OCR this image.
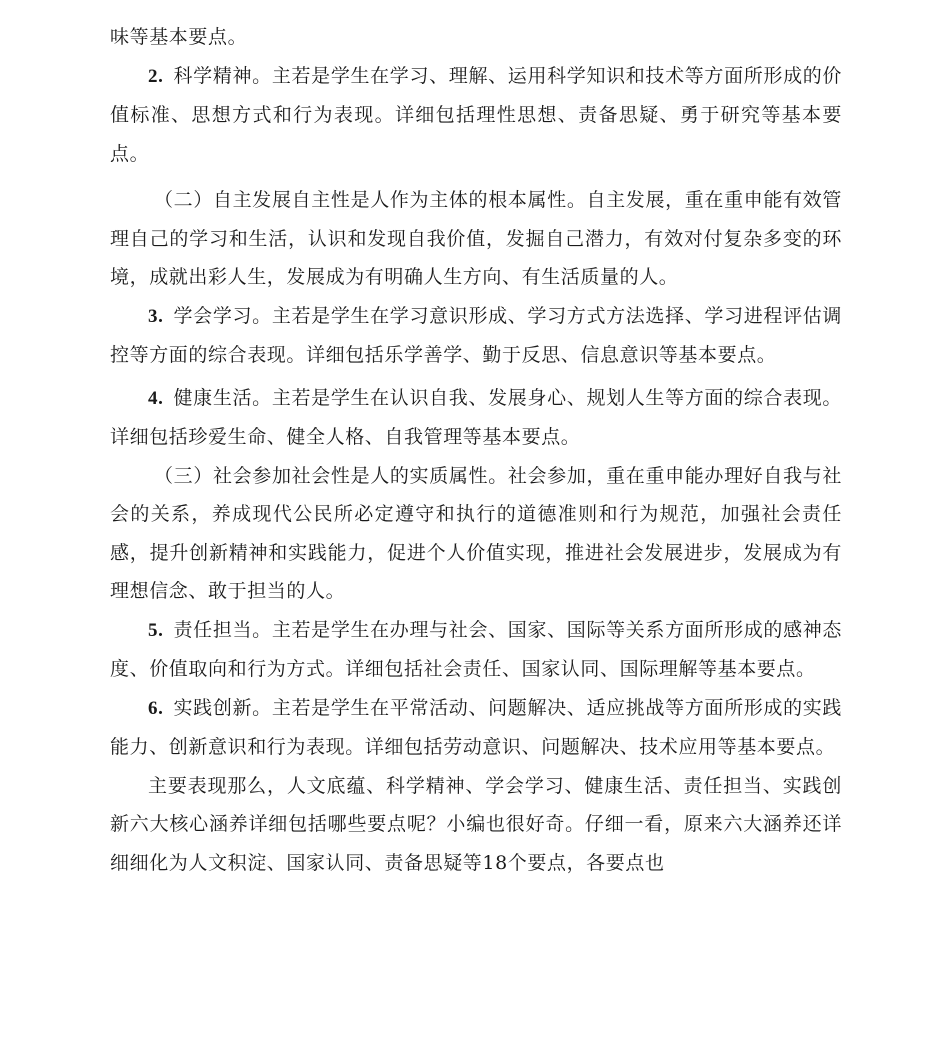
味等基本要点。

2. 科学精神。主若是学生在学习、理解、运用科学知识和技术等方面所形成的价值标准、思想方式和行为表现。详细包括理性思想、责备思疑、勇于研究等基本要点。

（二）自主发展自主性是人作为主体的根本属性。自主发展，重在重申能有效管理自己的学习和生活，认识和发现自我价值，发掘自己潜力，有效对付复杂多变的环境，成就出彩人生，发展成为有明确人生方向、有生活质量的人。

3. 学会学习。主若是学生在学习意识形成、学习方式方法选择、学习进程评估调控等方面的综合表现。详细包括乐学善学、勤于反思、信息意识等基本要点。

4. 健康生活。主若是学生在认识自我、发展身心、规划人生等方面的综合表现。详细包括珍爱生命、健全人格、自我管理等基本要点。

（三）社会参加社会性是人的实质属性。社会参加，重在重申能办理好自我与社会的关系，养成现代公民所必定遵守和执行的道德准则和行为规范，加强社会责任感，提升创新精神和实践能力，促进个人价值实现，推进社会发展进步，发展成为有理想信念、敢于担当的人。

5. 责任担当。主若是学生在办理与社会、国家、国际等关系方面所形成的感神态度、价值取向和行为方式。详细包括社会责任、国家认同、国际理解等基本要点。

6. 实践创新。主若是学生在平常活动、问题解决、适应挑战等方面所形成的实践能力、创新意识和行为表现。详细包括劳动意识、问题解决、技术应用等基本要点。

主要表现那么，人文底蕴、科学精神、学会学习、健康生活、责任担当、实践创新六大核心涵养详细包括哪些要点呢？小编也很好奇。仔细一看，原来六大涵养还详细细化为人文积淀、国家认同、责备思疑等18个要点，各要点也
